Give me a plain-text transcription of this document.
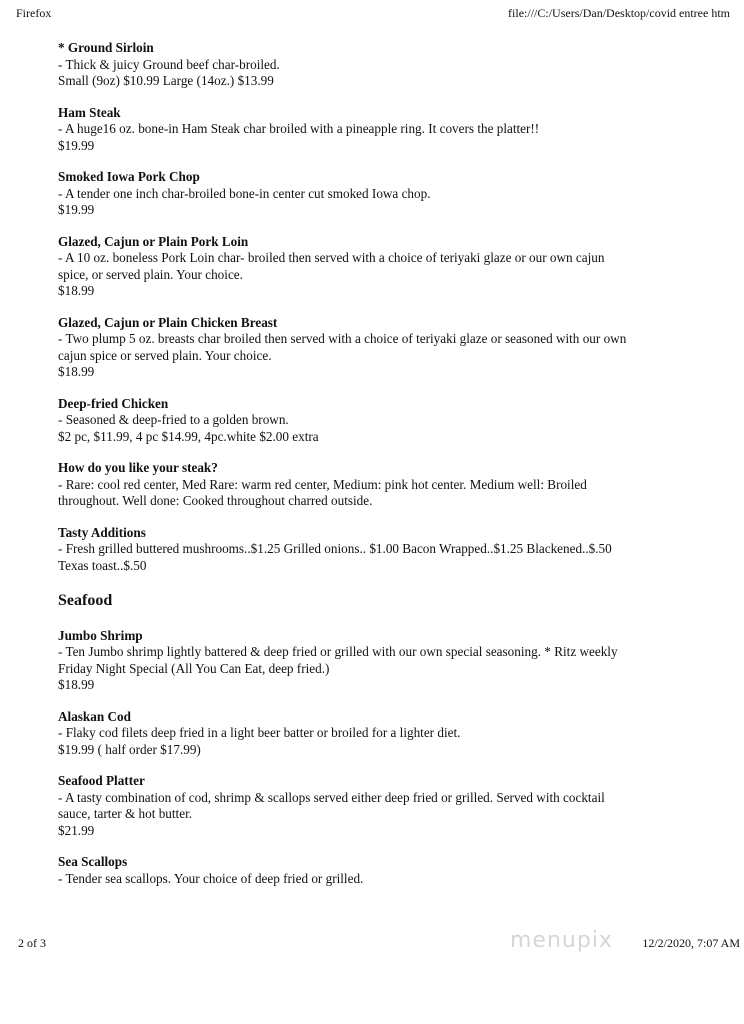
Firefox	file:///C:/Users/Dan/Desktop/covid entree htm
* Ground Sirloin
- Thick & juicy Ground beef char-broiled.
Small (9oz) $10.99 Large (14oz.) $13.99
Ham Steak
- A huge16 oz. bone-in Ham Steak char broiled with a pineapple ring. It covers the platter!!
$19.99
Smoked Iowa Pork Chop
- A tender one inch char-broiled bone-in center cut smoked Iowa chop.
$19.99
Glazed, Cajun or Plain Pork Loin
- A 10 oz. boneless Pork Loin char- broiled then served with a choice of teriyaki glaze or our own cajun
spice, or served plain. Your choice.
$18.99
Glazed, Cajun or Plain Chicken Breast
- Two plump 5 oz. breasts char broiled then served with a choice of teriyaki glaze or seasoned with our own
cajun spice or served plain. Your choice.
$18.99
Deep-fried Chicken
- Seasoned & deep-fried to a golden brown.
$2 pc, $11.99, 4 pc $14.99, 4pc.white $2.00 extra
How do you like your steak?
- Rare: cool red center, Med Rare: warm red center, Medium: pink hot center. Medium well: Broiled
throughout. Well done: Cooked throughout charred outside.
Tasty Additions
- Fresh grilled buttered mushrooms..$1.25 Grilled onions.. $1.00 Bacon Wrapped..$1.25 Blackened..$.50
Texas toast..$.50
Seafood
Jumbo Shrimp
- Ten Jumbo shrimp lightly battered & deep fried or grilled with our own special seasoning. * Ritz weekly
Friday Night Special (All You Can Eat, deep fried.)
$18.99
Alaskan Cod
- Flaky cod filets deep fried in a light beer batter or broiled for a lighter diet.
$19.99 ( half order $17.99)
Seafood Platter
- A tasty combination of cod, shrimp & scallops served either deep fried or grilled. Served with cocktail
sauce, tarter & hot butter.
$21.99
Sea Scallops
- Tender sea scallops. Your choice of deep fried or grilled.
2 of 3	menupix 12/2/2020, 7:07 AM
